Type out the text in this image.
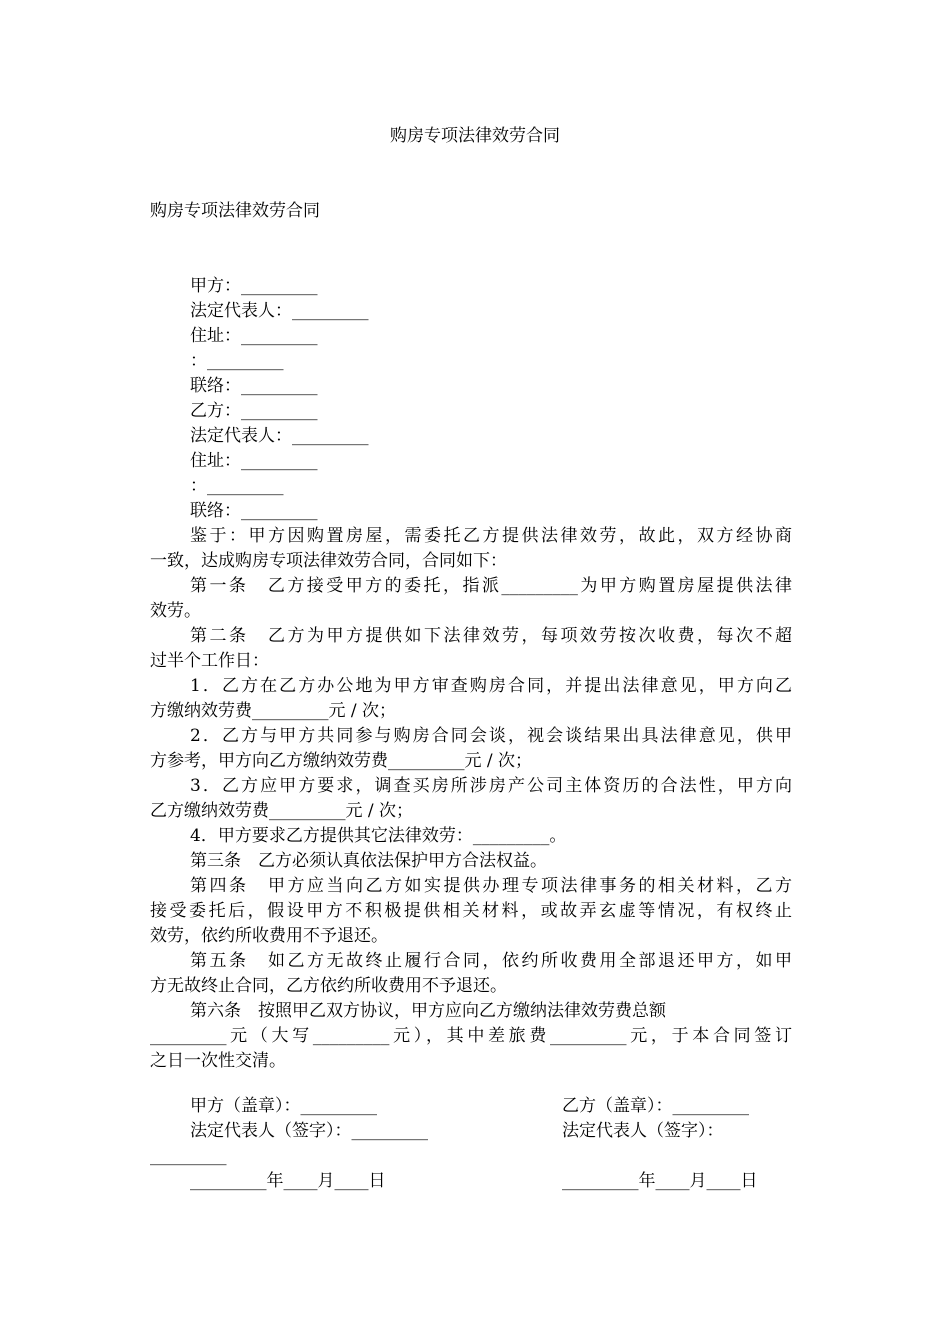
购房专项法律效劳合同
购房专项法律效劳合同
甲方：_________
法定代表人：_________
住址：_________
：_________
联络：_________
乙方：_________
法定代表人：_________
住址：_________
：_________
联络：_________
鉴于：甲方因购置房屋，需委托乙方提供法律效劳，故此，双方经协商
一致，达成购房专项法律效劳合同，合同如下：
第一条　乙方接受甲方的委托，指派_________为甲方购置房屋提供法律
效劳。
第二条　乙方为甲方提供如下法律效劳，每项效劳按次收费，每次不超
过半个工作日：
1．乙方在乙方办公地为甲方审查购房合同，并提出法律意见，甲方向乙
方缴纳效劳费_________元 / 次；
2．乙方与甲方共同参与购房合同会谈，视会谈结果出具法律意见，供甲
方参考，甲方向乙方缴纳效劳费_________元 / 次；
3．乙方应甲方要求，调查买房所涉房产公司主体资历的合法性，甲方向
乙方缴纳效劳费_________元 / 次；
4．甲方要求乙方提供其它法律效劳：_________。
第三条　乙方必须认真依法保护甲方合法权益。
第四条　甲方应当向乙方如实提供办理专项法律事务的相关材料，乙方
接受委托后，假设甲方不积极提供相关材料，或故弄玄虚等情况，有权终止
效劳，依约所收费用不予退还。
第五条　如乙方无故终止履行合同，依约所收费用全部退还甲方，如甲
方无故终止合同，乙方依约所收费用不予退还。
第六条　按照甲乙双方协议，甲方应向乙方缴纳法律效劳费总额
_________元（大写_________元），其中差旅费_________元，于本合同签订
之日一次性交清。
甲方（盖章）：_________	乙方（盖章）：_________
法定代表人（签字）：_________	法定代表人（签字）：
_________
_________年____月____日	_________年____月____日
